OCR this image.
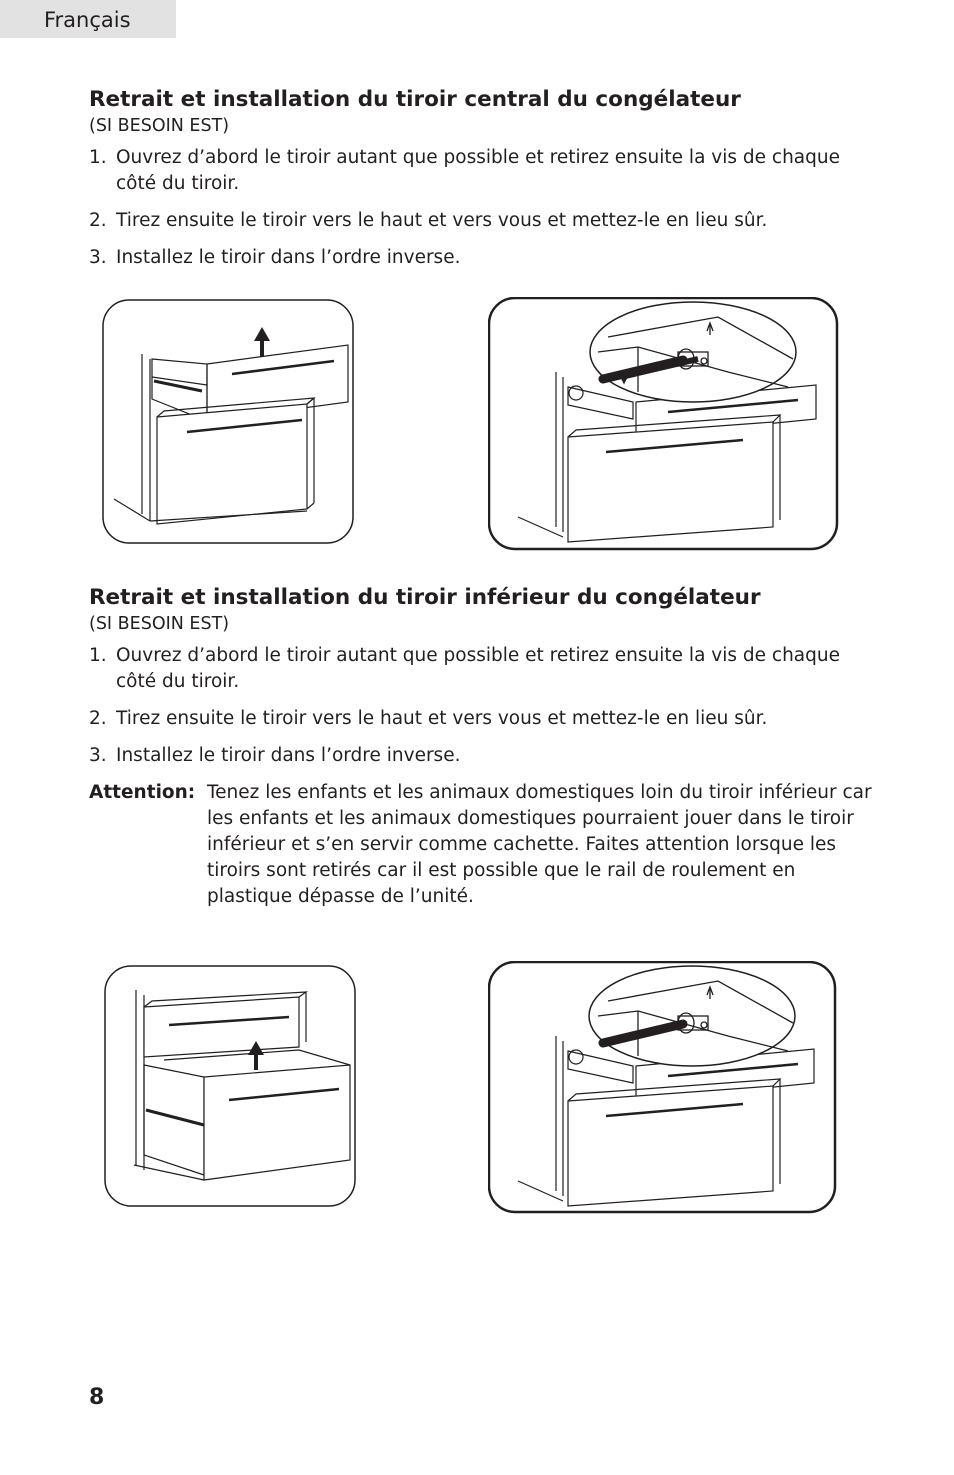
Français
Retrait et installation du tiroir central du congélateur

(SI BESOIN EST)

1. Ouvrez d’abord le tiroir autant que possible et retirez ensuite la vis de chaque côté du tiroir.
2. Tirez ensuite le tiroir vers le haut et vers vous et mettez-le en lieu sûr.
3. Installez le tiroir dans l’ordre inverse.
Retrait et installation du tiroir inférieur du congélateur

(SI BESOIN EST)

1. Ouvrez d’abord le tiroir autant que possible et retirez ensuite la vis de chaque côté du tiroir.
2. Tirez ensuite le tiroir vers le haut et vers vous et mettez-le en lieu sûr.
3. Installez le tiroir dans l’ordre inverse.
Attention: Tenez les enfants et les animaux domestiques loin du tiroir inférieur car les enfants et les animaux domestiques pourraient jouer dans le tiroir inférieur et s’en servir comme cachette. Faites attention lorsque les tiroirs sont retirés car il est possible que le rail de roulement en plastique dépasse de l’unité.
8
